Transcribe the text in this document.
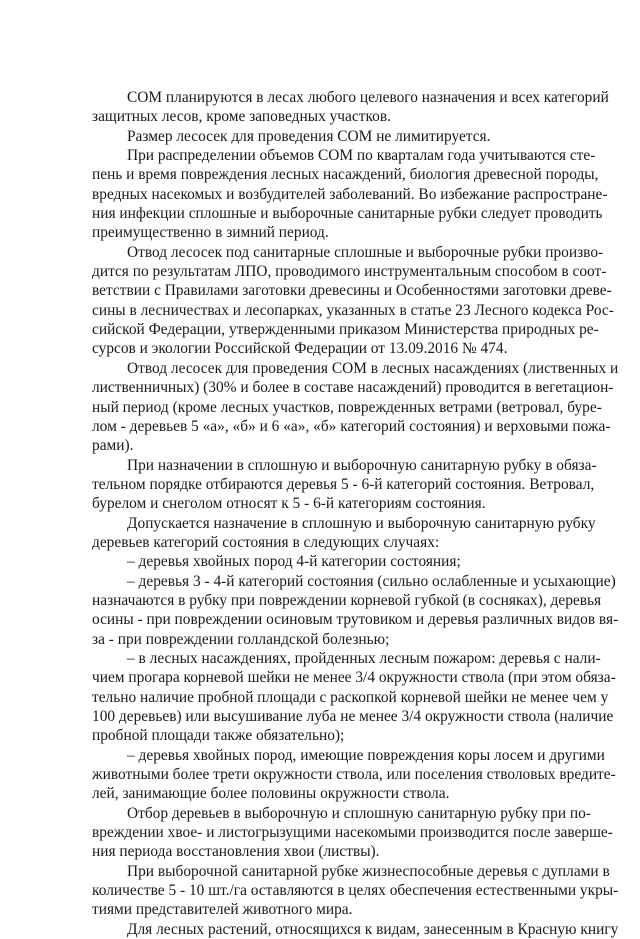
СОМ планируются в лесах любого целевого назначения и всех категорий
защитных лесов, кроме заповедных участков.
Размер лесосек для проведения СОМ не лимитируется.
При распределении объемов СОМ по кварталам года учитываются сте-
пень и время повреждения лесных насаждений, биология древесной породы,
вредных насекомых и возбудителей заболеваний. Во избежание распростране-
ния инфекции сплошные и выборочные санитарные рубки следует проводить
преимущественно в зимний период.
Отвод лесосек под санитарные сплошные и выборочные рубки произво-
дится по результатам ЛПО, проводимого инструментальным способом в соот-
ветствии с Правилами заготовки древесины и Особенностями заготовки древе-
сины в лесничествах и лесопарках, указанных в статье 23 Лесного кодекса Рос-
сийской Федерации, утвержденными приказом Министерства природных ре-
сурсов и экологии Российской Федерации от 13.09.2016 № 474.
Отвод лесосек для проведения СОМ в лесных насаждениях (лиственных и
лиственничных) (30% и более в составе насаждений) проводится в вегетацион-
ный период (кроме лесных участков, поврежденных ветрами (ветровал, буре-
лом - деревьев 5 «а», «б» и 6 «а», «б» категорий состояния) и верховыми пожа-
рами).
При назначении в сплошную и выборочную санитарную рубку в обяза-
тельном порядке отбираются деревья 5 - 6-й категорий состояния. Ветровал,
бурелом и снеголом относят к 5 - 6-й категориям состояния.
Допускается назначение в сплошную и выборочную санитарную рубку
деревьев категорий состояния в следующих случаях:
– деревья хвойных пород 4-й категории состояния;
– деревья 3 - 4-й категорий состояния (сильно ослабленные и усыхающие)
назначаются в рубку при повреждении корневой губкой (в сосняках), деревья
осины - при повреждении осиновым трутовиком и деревья различных видов вя-
за - при повреждении голландской болезнью;
– в лесных насаждениях, пройденных лесным пожаром: деревья с нали-
чием прогара корневой шейки не менее 3/4 окружности ствола (при этом обяза-
тельно наличие пробной площади с раскопкой корневой шейки не менее чем у
100 деревьев) или высушивание луба не менее 3/4 окружности ствола (наличие
пробной площади также обязательно);
– деревья хвойных пород, имеющие повреждения коры лосем и другими
животными более трети окружности ствола, или поселения стволовых вредите-
лей, занимающие более половины окружности ствола.
Отбор деревьев в выборочную и сплошную санитарную рубку при по-
вреждении хвое- и листогрызущими насекомыми производится после заверше-
ния периода восстановления хвои (листвы).
При выборочной санитарной рубке жизнеспособные деревья с дуплами в
количестве 5 - 10 шт./га оставляются в целях обеспечения естественными укры-
тиями представителей животного мира.
Для лесных растений, относящихся к видам, занесенным в Красную книгу
